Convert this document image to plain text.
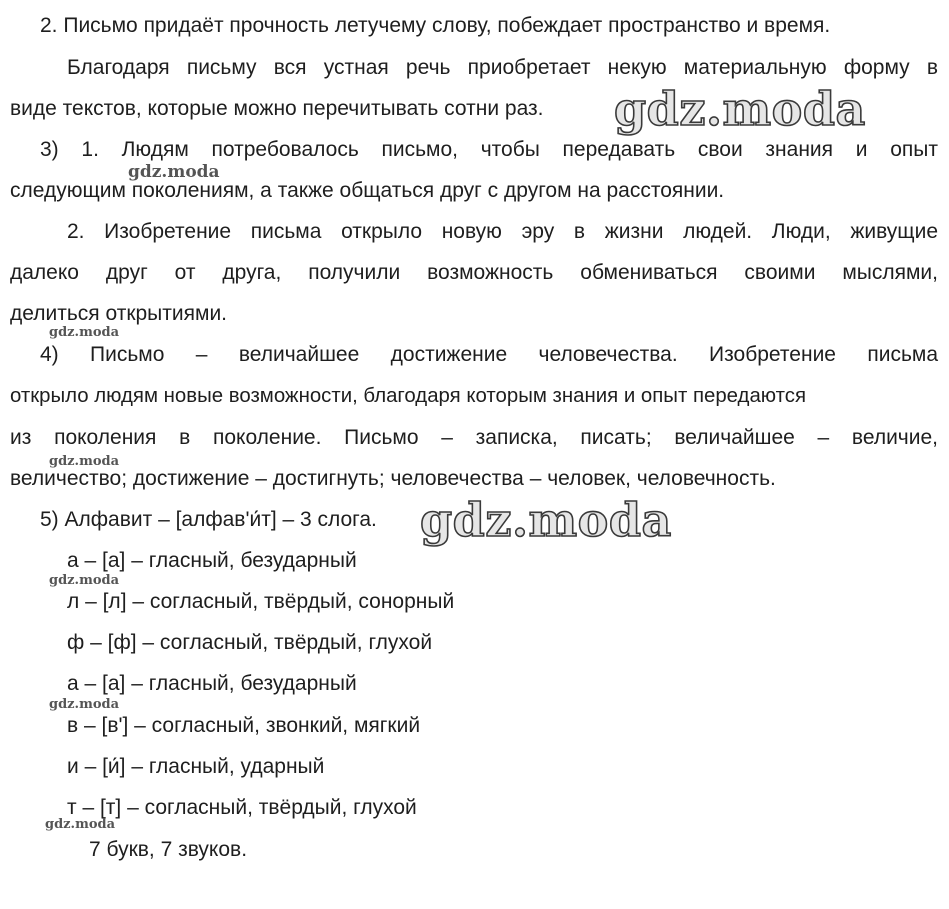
2. Письмо придаёт прочность летучему слову, побеждает пространство и время.
Благодаря письму вся устная речь приобретает некую материальную форму в
виде текстов, которые можно перечитывать сотни раз.
3) 1. Людям потребовалось письмо, чтобы передавать свои знания и опыт
следующим поколениям, а также общаться друг с другом на расстоянии.
2. Изобретение письма открыло новую эру в жизни людей. Люди, живущие
далеко друг от друга, получили возможность обмениваться своими мыслями,
делиться открытиями.
4) Письмо – величайшее достижение человечества. Изобретение письма
открыло людям новые возможности, благодаря которым знания и опыт передаются
из поколения в поколение. Письмо – записка, писать; величайшее – величие,
величество; достижение – достигнуть; человечества – человек, человечность.
5) Алфавит – [алфав'и́т] – 3 слога.
а – [а] – гласный, безударный
л – [л] – согласный, твёрдый, сонорный
ф – [ф] – согласный, твёрдый, глухой
а – [а] – гласный, безударный
в – [в'] – согласный, звонкий, мягкий
и – [и́] – гласный, ударный
т – [т] – согласный, твёрдый, глухой
7 букв, 7 звуков.
gdz.moda
gdz.moda
gdz.moda
gdz.moda
gdz.moda
gdz.moda
gdz.moda
gdz.moda
